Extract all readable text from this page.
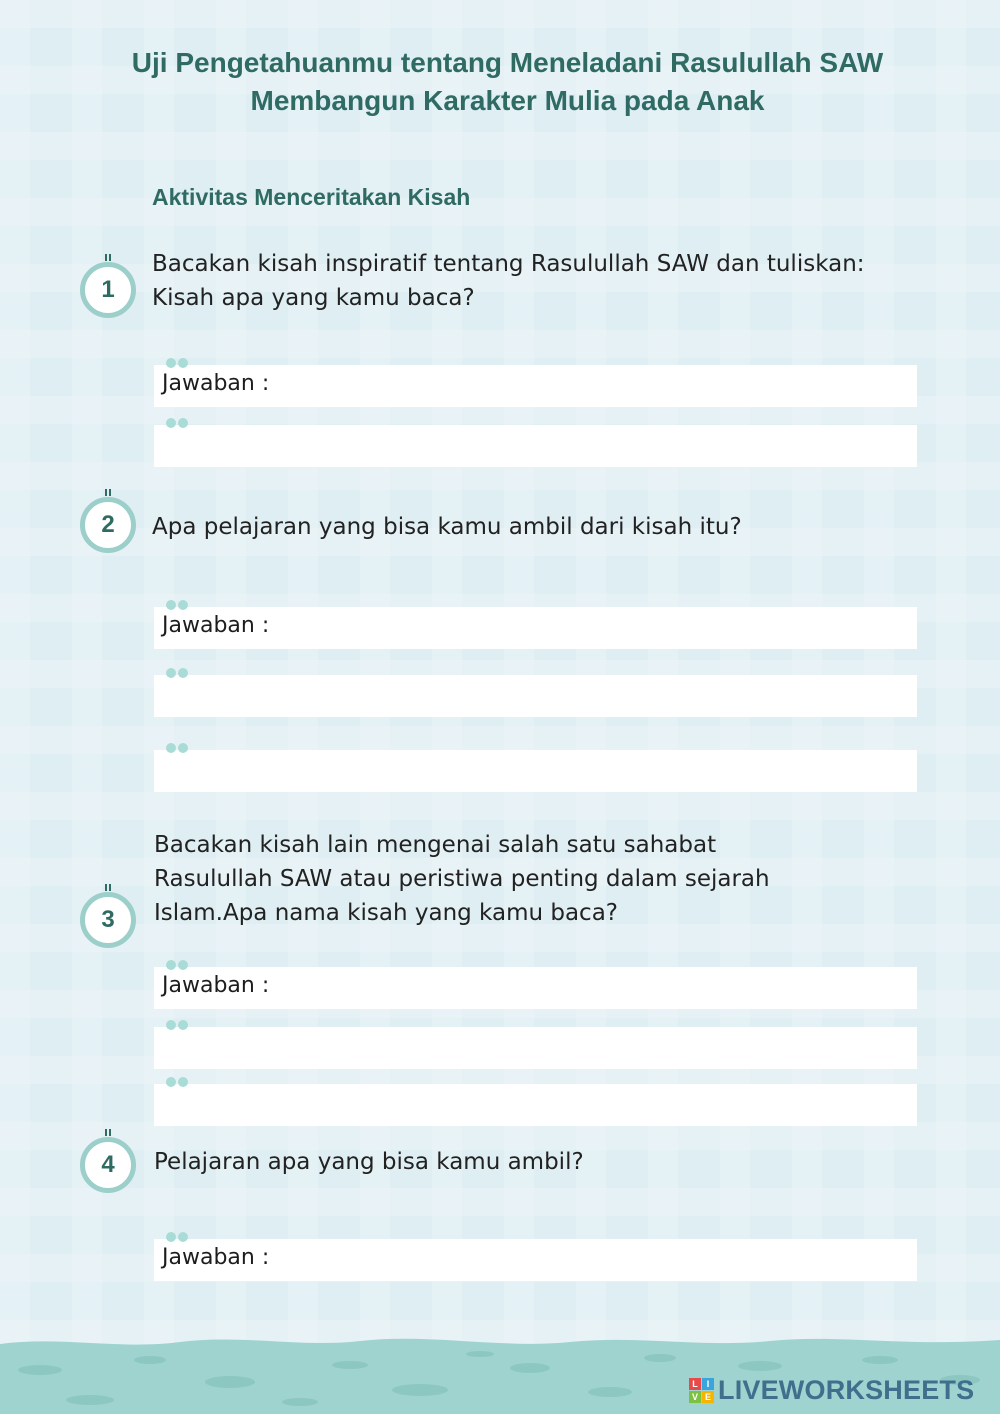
Uji Pengetahuanmu tentang Meneladani Rasulullah SAW Membangun Karakter Mulia pada Anak
Aktivitas Menceritakan Kisah
1
Bacakan kisah inspiratif tentang Rasulullah SAW dan tuliskan:
Kisah apa yang kamu baca?
Jawaban :
2 Apa pelajaran yang bisa kamu ambil dari kisah itu?
Jawaban :
3
Bacakan kisah lain mengenai salah satu sahabat
Rasulullah SAW atau peristiwa penting dalam sejarah
Islam.Apa nama kisah yang kamu baca?
Jawaban :
4 Pelajaran apa yang bisa kamu ambil?
Jawaban :
L I
V E LIVEWORKSHEETS
